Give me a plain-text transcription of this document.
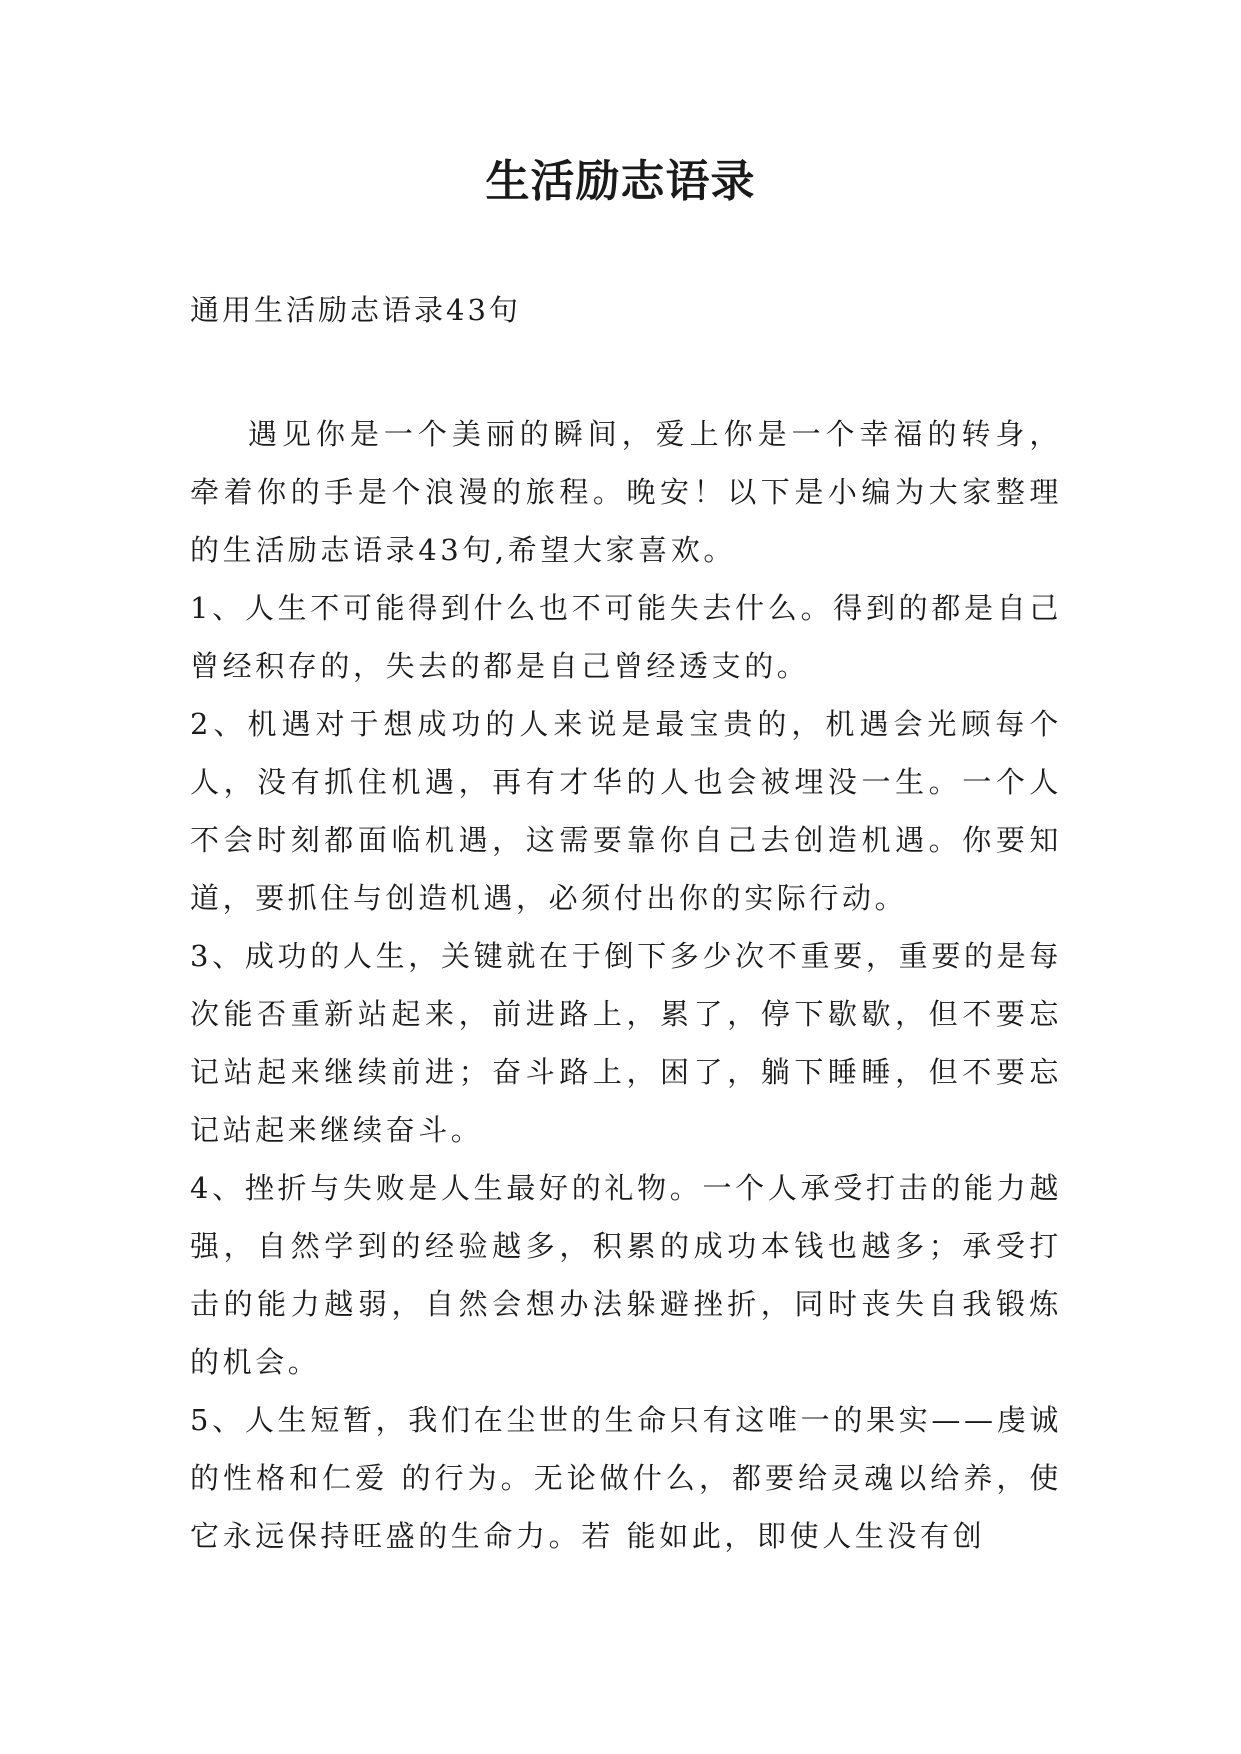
生活励志语录

通用生活励志语录43句

遇见你是一个美丽的瞬间，爱上你是一个幸福的转身，牵着你的手是个浪漫的旅程。晚安！以下是小编为大家整理的生活励志语录43句,希望大家喜欢。

1、人生不可能得到什么也不可能失去什么。得到的都是自己曾经积存的，失去的都是自己曾经透支的。

2、机遇对于想成功的人来说是最宝贵的，机遇会光顾每个人，没有抓住机遇，再有才华的人也会被埋没一生。一个人不会时刻都面临机遇，这需要靠你自己去创造机遇。你要知道，要抓住与创造机遇，必须付出你的实际行动。

3、成功的人生，关键就在于倒下多少次不重要，重要的是每次能否重新站起来，前进路上，累了，停下歇歇，但不要忘记站起来继续前进；奋斗路上，困了，躺下睡睡，但不要忘记站起来继续奋斗。

4、挫折与失败是人生最好的礼物。一个人承受打击的能力越强，自然学到的经验越多，积累的成功本钱也越多；承受打击的能力越弱，自然会想办法躲避挫折，同时丧失自我锻炼的机会。

5、人生短暂，我们在尘世的生命只有这唯一的果实——虔诚的性格和仁爱 的行为。无论做什么，都要给灵魂以给养，使它永远保持旺盛的生命力。若 能如此，即使人生没有创
